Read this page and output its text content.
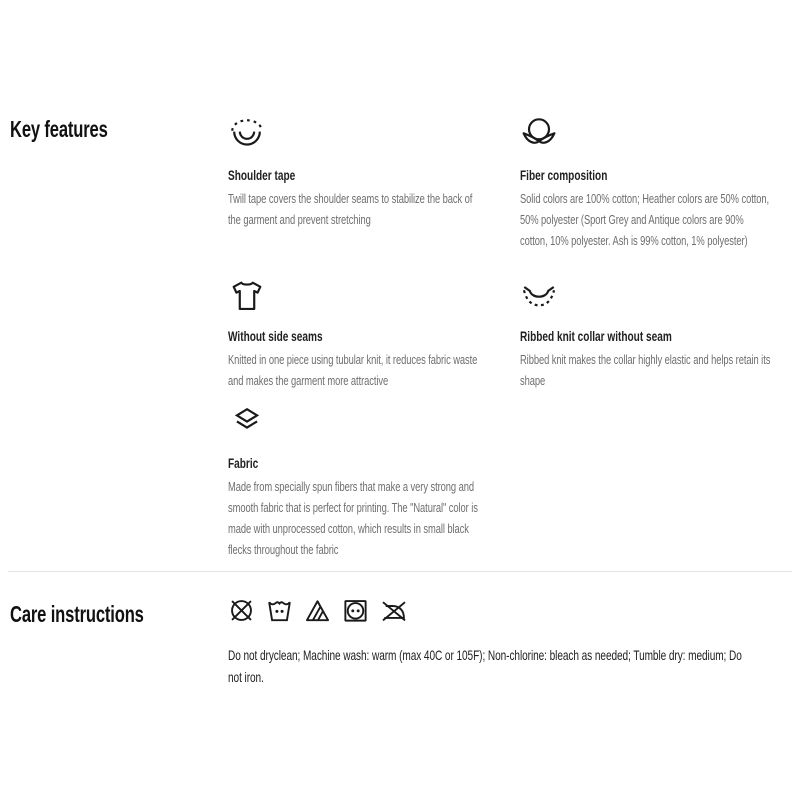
Key features
Shoulder tape
Twill tape covers the shoulder seams to stabilize the back of the garment and prevent stretching
Fiber composition
Solid colors are 100% cotton; Heather colors are 50% cotton, 50% polyester (Sport Grey and Antique colors are 90% cotton, 10% polyester. Ash is 99% cotton, 1% polyester)
Without side seams
Knitted in one piece using tubular knit, it reduces fabric waste and makes the garment more attractive
Ribbed knit collar without seam
Ribbed knit makes the collar highly elastic and helps retain its shape
Fabric
Made from specially spun fibers that make a very strong and smooth fabric that is perfect for printing. The "Natural" color is made with unprocessed cotton, which results in small black flecks throughout the fabric
Care instructions
Do not dryclean; Machine wash: warm (max 40C or 105F); Non-chlorine: bleach as needed; Tumble dry: medium; Do not iron.
